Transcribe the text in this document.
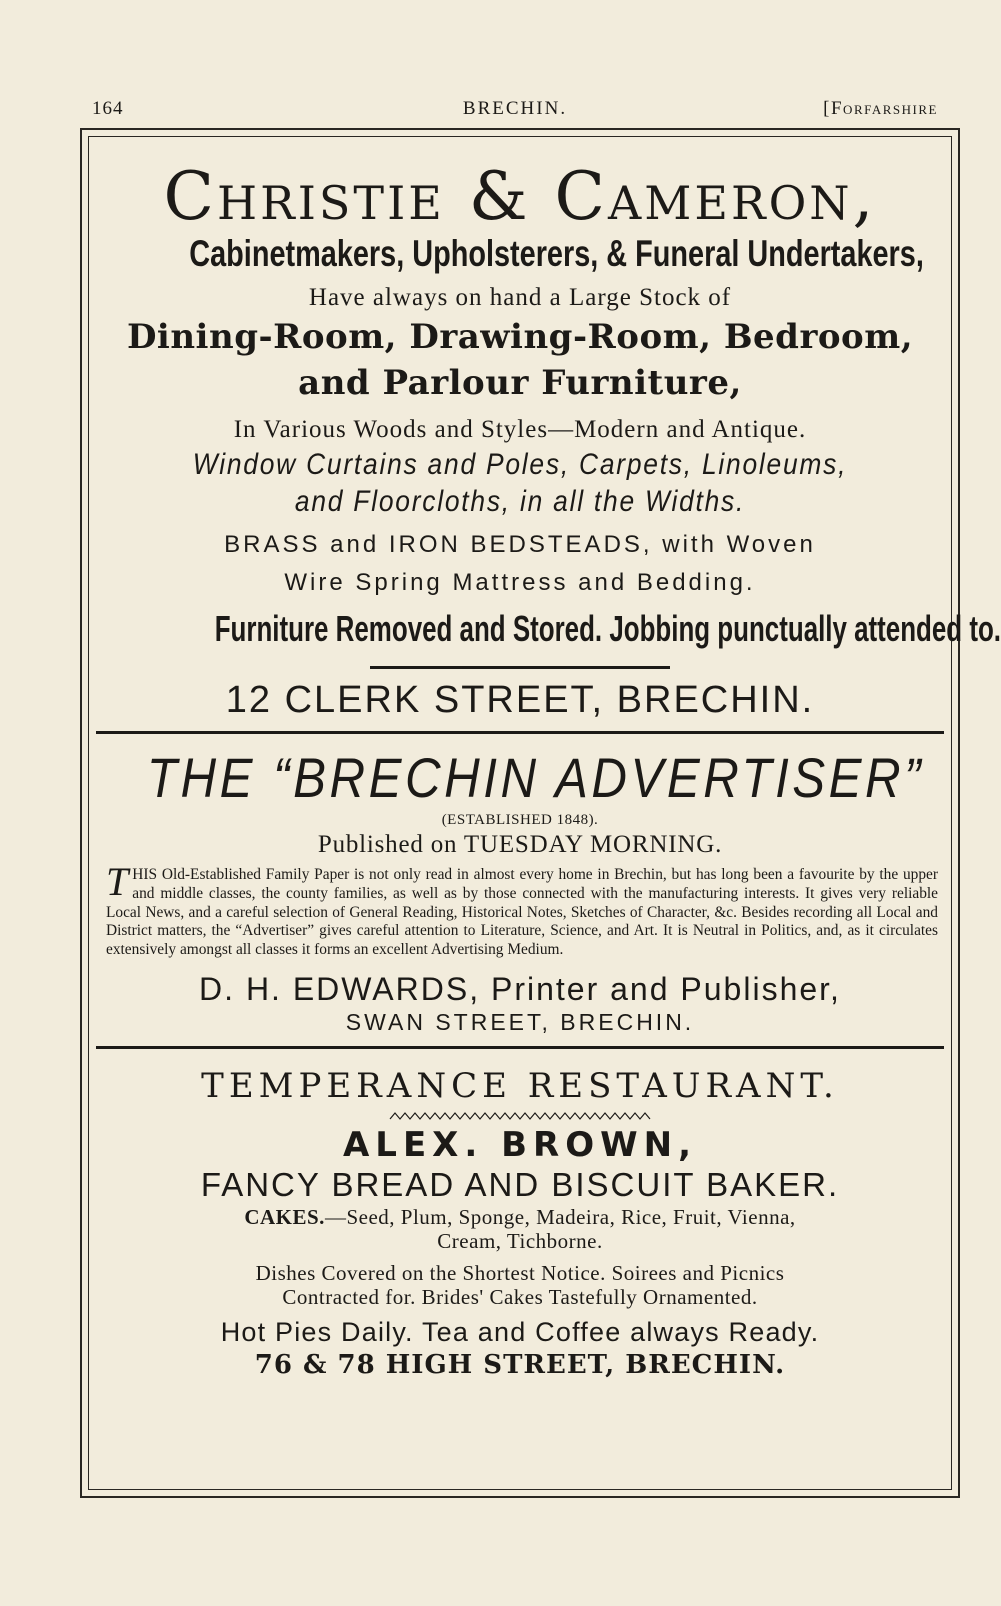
164	BRECHIN.	[Forfarshire
Christie & Cameron,
Cabinetmakers, Upholsterers, & Funeral Undertakers,
Have always on hand a Large Stock of
Dining-Room, Drawing-Room, Bedroom,
and Parlour Furniture,
In Various Woods and Styles—Modern and Antique.
Window Curtains and Poles, Carpets, Linoleums,
and Floorcloths, in all the Widths.
BRASS and IRON BEDSTEADS, with Woven
Wire Spring Mattress and Bedding.
Furniture Removed and Stored. Jobbing punctually attended to.
12 CLERK STREET, BRECHIN.
THE “BRECHIN ADVERTISER”
(ESTABLISHED 1848).
Published on TUESDAY MORNING.

THIS Old-Established Family Paper is not only read in almost every home in Brechin, but has long been a favourite by the upper and middle classes, the county families, as well as by those connected with the manufacturing interests. It gives very reliable Local News, and a careful selection of General Reading, Historical Notes, Sketches of Character, &c. Besides recording all Local and District matters, the “Advertiser” gives careful attention to Literature, Science, and Art. It is Neutral in Politics, and, as it circulates extensively amongst all classes it forms an excellent Advertising Medium.

D. H. EDWARDS, Printer and Publisher,
SWAN STREET, BRECHIN.
TEMPERANCE RESTAURANT.
ALEX. BROWN,
FANCY BREAD AND BISCUIT BAKER.
CAKES.—Seed, Plum, Sponge, Madeira, Rice, Fruit, Vienna,
Cream, Tichborne.
Dishes Covered on the Shortest Notice. Soirees and Picnics
Contracted for. Brides' Cakes Tastefully Ornamented.
Hot Pies Daily. Tea and Coffee always Ready.
76 & 78 HIGH STREET, BRECHIN.
